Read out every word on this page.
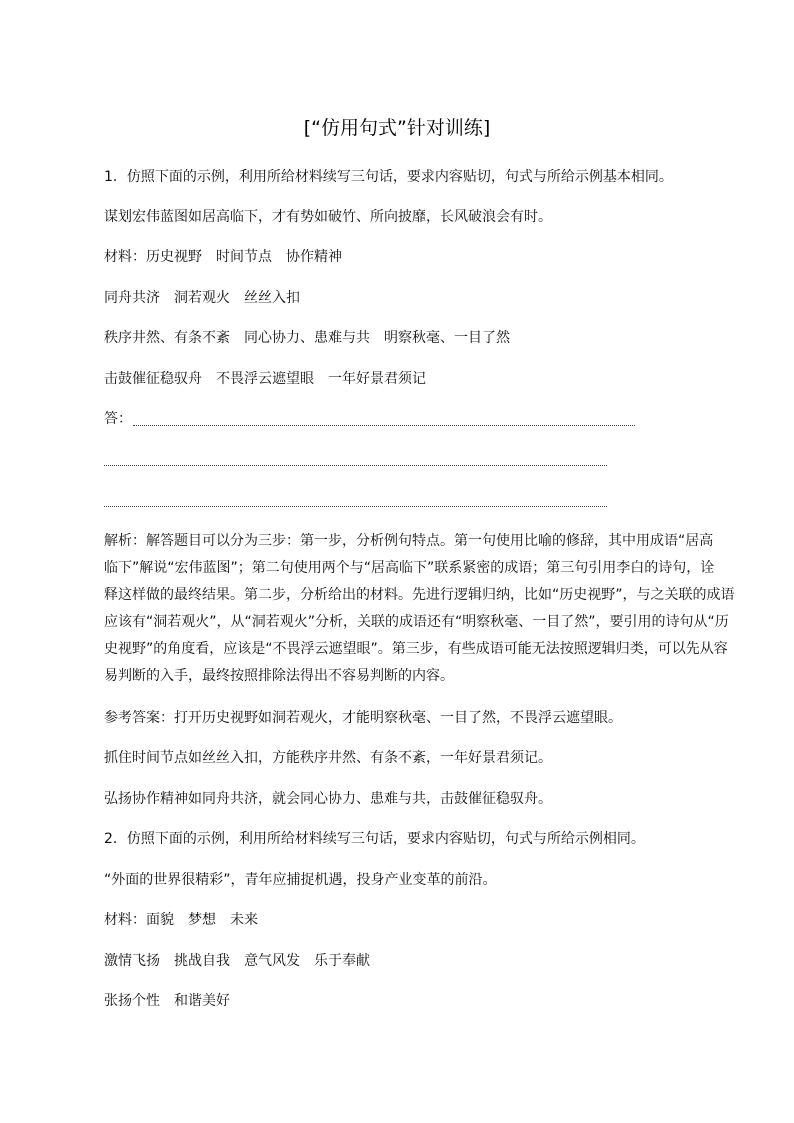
[“仿用句式”针对训练]
1．仿照下面的示例，利用所给材料续写三句话，要求内容贴切，句式与所给示例基本相同。
谋划宏伟蓝图如居高临下，才有势如破竹、所向披靡，长风破浪会有时。
材料：历史视野　时间节点　协作精神
同舟共济　洞若观火　丝丝入扣
秩序井然、有条不紊　同心协力、患难与共　明察秋毫、一目了然
击鼓催征稳驭舟　不畏浮云遮望眼　一年好景君须记
答：
解析：解答题目可以分为三步：第一步，分析例句特点。第一句使用比喻的修辞，其中用成语“居高
临下”解说“宏伟蓝图”；第二句使用两个与“居高临下”联系紧密的成语；第三句引用李白的诗句，诠
释这样做的最终结果。第二步，分析给出的材料。先进行逻辑归纳，比如“历史视野”，与之关联的成语
应该有“洞若观火”，从“洞若观火”分析，关联的成语还有“明察秋毫、一目了然”，要引用的诗句从“历
史视野”的角度看，应该是“不畏浮云遮望眼”。第三步，有些成语可能无法按照逻辑归类，可以先从容
易判断的入手，最终按照排除法得出不容易判断的内容。
参考答案：打开历史视野如洞若观火，才能明察秋毫、一目了然，不畏浮云遮望眼。
抓住时间节点如丝丝入扣，方能秩序井然、有条不紊，一年好景君须记。
弘扬协作精神如同舟共济，就会同心协力、患难与共，击鼓催征稳驭舟。
2．仿照下面的示例，利用所给材料续写三句话，要求内容贴切，句式与所给示例相同。
“外面的世界很精彩”，青年应捕捉机遇，投身产业变革的前沿。
材料：面貌　梦想　未来
激情飞扬　挑战自我　意气风发　乐于奉献
张扬个性　和谐美好
